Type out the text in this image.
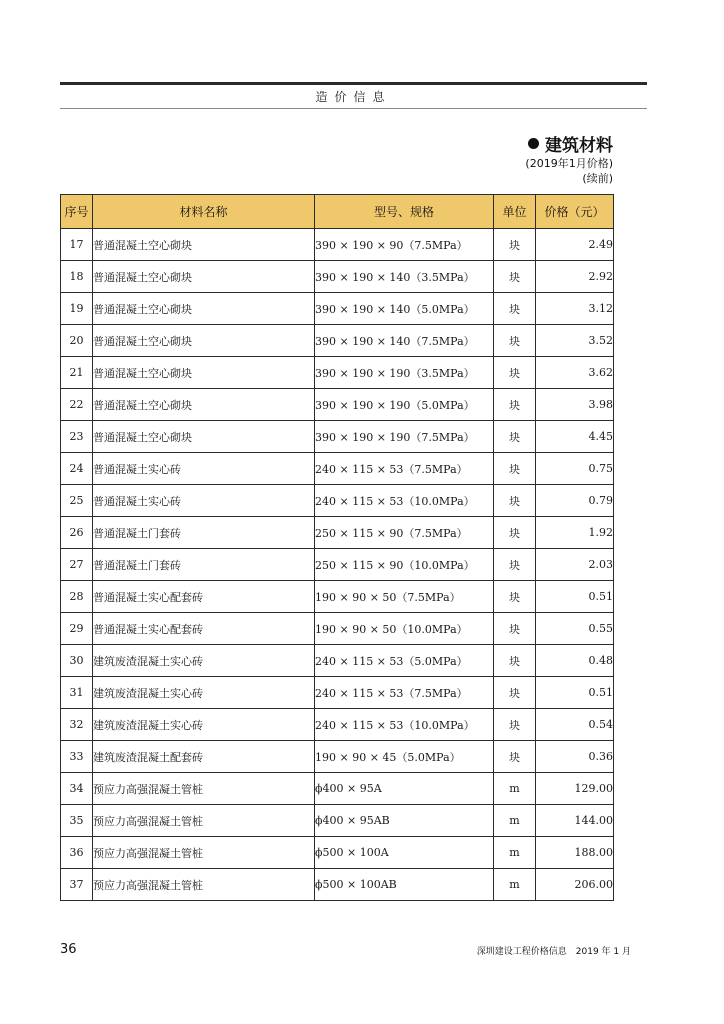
造价信息
建筑材料
(2019年1月价格)
(续前)
序号	材料名称	型号、规格	单位	价格（元）
17	普通混凝土空心砌块	390 × 190 × 90（7.5MPa）	块	2.49
18	普通混凝土空心砌块	390 × 190 × 140（3.5MPa）	块	2.92
19	普通混凝土空心砌块	390 × 190 × 140（5.0MPa）	块	3.12
20	普通混凝土空心砌块	390 × 190 × 140（7.5MPa）	块	3.52
21	普通混凝土空心砌块	390 × 190 × 190（3.5MPa）	块	3.62
22	普通混凝土空心砌块	390 × 190 × 190（5.0MPa）	块	3.98
23	普通混凝土空心砌块	390 × 190 × 190（7.5MPa）	块	4.45
24	普通混凝土实心砖	240 × 115 × 53（7.5MPa）	块	0.75
25	普通混凝土实心砖	240 × 115 × 53（10.0MPa）	块	0.79
26	普通混凝土门套砖	250 × 115 × 90（7.5MPa）	块	1.92
27	普通混凝土门套砖	250 × 115 × 90（10.0MPa）	块	2.03
28	普通混凝土实心配套砖	190 × 90 × 50（7.5MPa）	块	0.51
29	普通混凝土实心配套砖	190 × 90 × 50（10.0MPa）	块	0.55
30	建筑废渣混凝土实心砖	240 × 115 × 53（5.0MPa）	块	0.48
31	建筑废渣混凝土实心砖	240 × 115 × 53（7.5MPa）	块	0.51
32	建筑废渣混凝土实心砖	240 × 115 × 53（10.0MPa）	块	0.54
33	建筑废渣混凝土配套砖	190 × 90 × 45（5.0MPa）	块	0.36
34	预应力高强混凝土管桩	ϕ400 × 95A	m	129.00
35	预应力高强混凝土管桩	ϕ400 × 95AB	m	144.00
36	预应力高强混凝土管桩	ϕ500 × 100A	m	188.00
37	预应力高强混凝土管桩	ϕ500 × 100AB	m	206.00
36	深圳建设工程价格信息　2019 年 1 月
